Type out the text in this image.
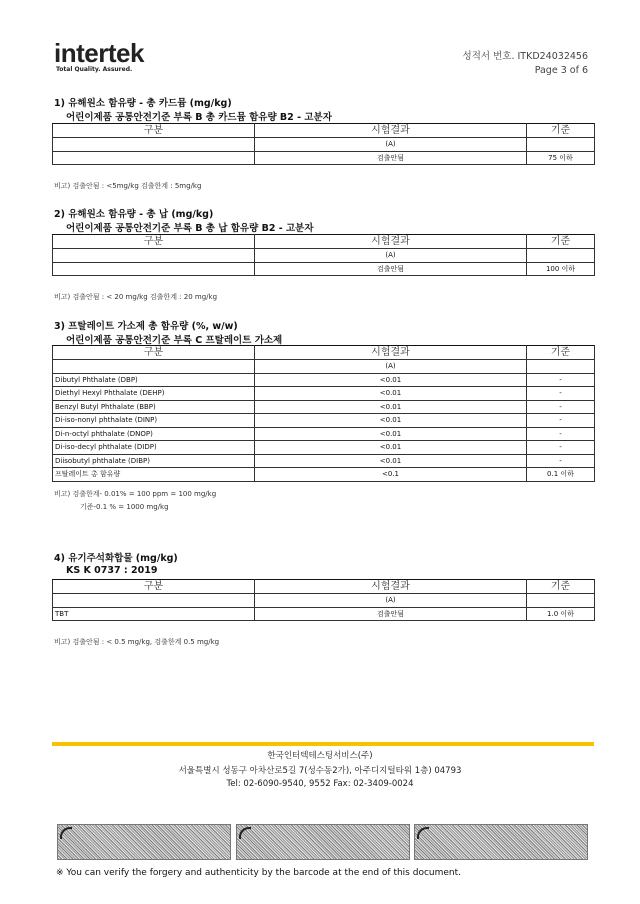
intertek
Total Quality. Assured.
성적서 번호. ITKD24032456
Page 3 of 6
1) 유해원소 함유량 - 총 카드뮴 (mg/kg)
어린이제품 공통안전기준 부록 B 총 카드뮴 함유량 B2 - 고분자
구분	시험결과	기준
	(A)	
	검출안됨	75 이하
비고) 검출안됨 : <5mg/kg 검출한계 : 5mg/kg
2) 유해원소 함유량 - 총 납 (mg/kg)
어린이제품 공통안전기준 부록 B 총 납 함유량 B2 - 고분자
구분	시험결과	기준
	(A)	
	검출안됨	100 이하
비고) 검출안됨 : < 20 mg/kg 검출한계 : 20 mg/kg
3) 프탈레이트 가소제 총 함유량 (%, w/w)
어린이제품 공통안전기준 부록 C 프탈레이트 가소제
구분	시험결과	기준
	(A)	
Dibutyl Phthalate (DBP)	<0.01	-
Diethyl Hexyl Phthalate (DEHP)	<0.01	-
Benzyl Butyl Phthalate (BBP)	<0.01	-
Di-iso-nonyl phthalate (DINP)	<0.01	-
Di-n-octyl phthalate (DNOP)	<0.01	-
Di-iso-decyl phthalate (DIDP)	<0.01	-
Diisobutyl phthalate (DIBP)	<0.01	-
프탈레이트 총 함유량	<0.1	0.1 이하
비고) 검출한계- 0.01% = 100 ppm = 100 mg/kg
기준-0.1 % = 1000 mg/kg
4) 유기주석화합물 (mg/kg)
KS K 0737 : 2019
구분	시험결과	기준
	(A)	
TBT	검출안됨	1.0 이하
비고) 검출안됨 : < 0.5 mg/kg, 검출한계 0.5 mg/kg
한국인터텍테스팅서비스(주)
서울특별시 성동구 아차산로5길 7(성수동2가), 아주디지털타워 1층) 04793
Tel: 02-6090-9540, 9552 Fax: 02-3409-0024
※ You can verify the forgery and authenticity by the barcode at the end of this document.
